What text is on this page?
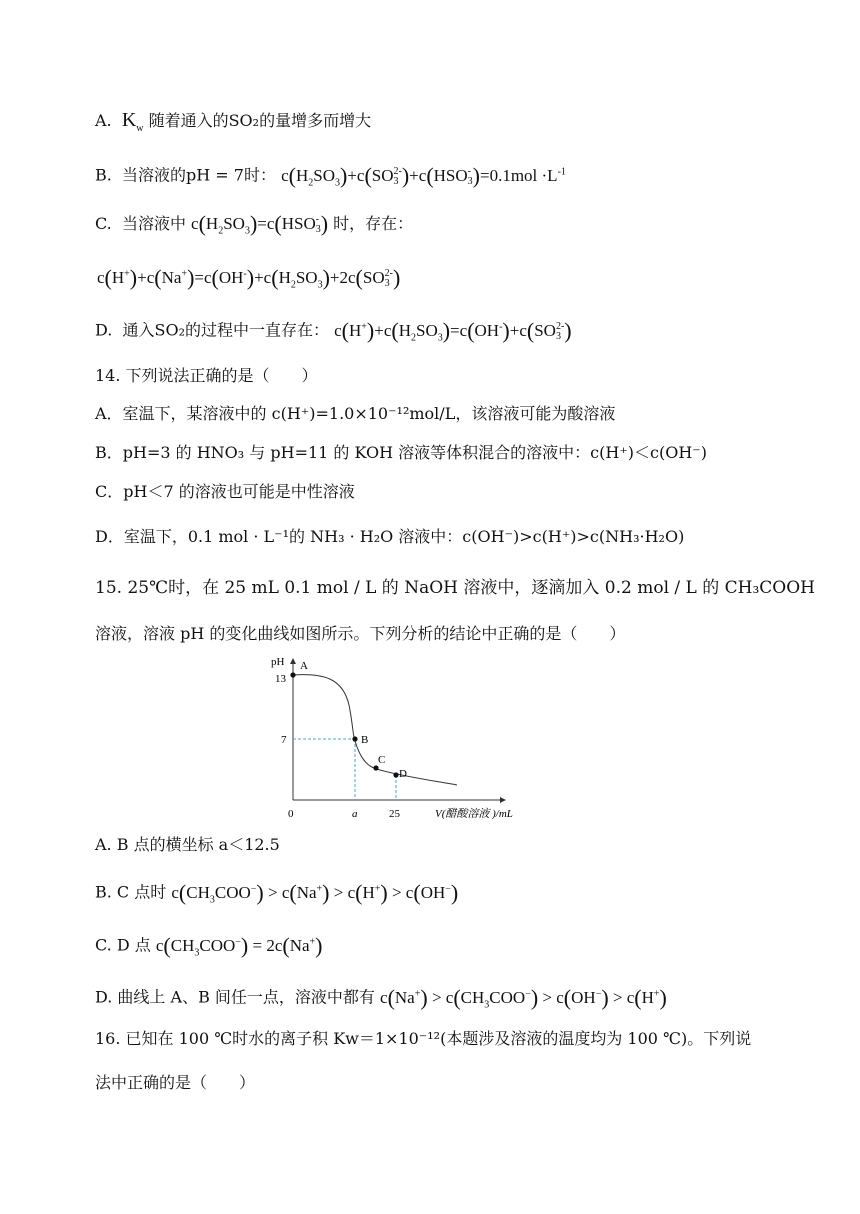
A. $K_w$ 随着通入的SO₂的量增多而增大
B. 当溶液的pH = 7时： $c(H_2SO_3)+c(SO$ 2-
3 )+c(HSO -
3 )$=0.1mol \cdot L^{-1}$
C. 当溶液中 $c(H_2SO_3)=c(HSO$ -
3 ) 时，存在：
$c(H^+)+c(Na^+)=c(OH^-)+c(H_2SO_3)+2c(SO$ 2-
3 )
D. 通入SO₂的过程中一直存在： $c(H^+)+c(H_2SO_3)=c(OH^-)+c(SO$ 2-
3 )
14. 下列说法正确的是（　　）
A．室温下，某溶液中的 c(H⁺)=1.0×10⁻¹²mol/L，该溶液可能为酸溶液
B．pH=3 的 HNO₃ 与 pH=11 的 KOH 溶液等体积混合的溶液中：c(H⁺)＜c(OH⁻)
C．pH＜7 的溶液也可能是中性溶液
D．室温下，0.1 mol · L⁻¹的 NH₃ · H₂O 溶液中：c(OH⁻)>c(H⁺)>c(NH₃·H₂O)
15. 25℃时，在 25 mL 0.1 mol / L 的 NaOH 溶液中，逐滴加入 0.2 mol / L 的 CH₃COOH
溶液，溶液 pH 的变化曲线如图所示。下列分析的结论中正确的是（　　）
pH A
B
C
D
13
7
0	a	25	V(醋酸溶液 )/mL
A. B 点的横坐标 a＜12.5
B. C 点时 $c(CH_3COO^-) > c(Na^+) > c(H^+) > c(OH^-)$
C. D 点 $c(CH_3COO^-) = 2c(Na^+)$
D. 曲线上 A、B 间任一点，溶液中都有 $c(Na^+) > c(CH_3COO^-) > c(OH^-) > c(H^+)$
16. 已知在 100 ℃时水的离子积 Kw＝1×10⁻¹²(本题涉及溶液的温度均为 100 ℃)。下列说
法中正确的是（　　）
